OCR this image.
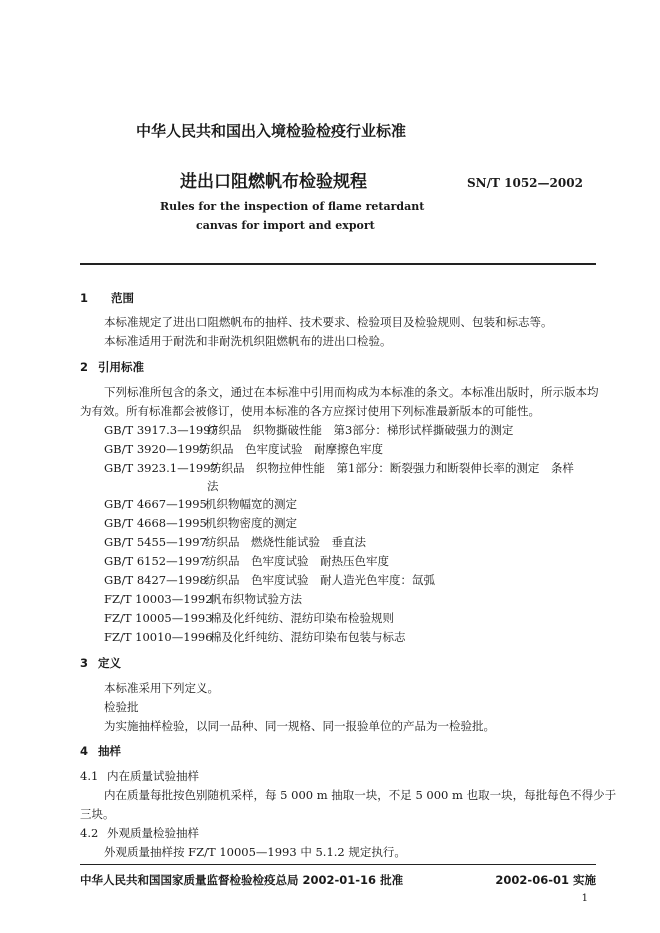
中华人民共和国出入境检验检疫行业标准
进出口阻燃帆布检验规程	SN/T 1052—2002
Rules for the inspection of flame retardant
canvas for import and export
1 范围
本标准规定了进出口阻燃帆布的抽样、技术要求、检验项目及检验规则、包装和标志等。
本标准适用于耐洗和非耐洗机织阻燃帆布的进出口检验。
2 引用标准
下列标准所包含的条文，通过在本标准中引用而构成为本标准的条文。本标准出版时，所示版本均
为有效。所有标准都会被修订，使用本标准的各方应探讨使用下列标准最新版本的可能性。
GB/T 3917.3—1997
纺织品　织物撕破性能　第3部分：梯形试样撕破强力的测定
GB/T 3920—1997
纺织品　色牢度试验　耐摩擦色牢度
GB/T 3923.1—1997
纺织品　织物拉伸性能　第1部分：断裂强力和断裂伸长率的测定　条样
法
GB/T 4667—1995
机织物幅宽的测定
GB/T 4668—1995
机织物密度的测定
GB/T 5455—1997
纺织品　燃烧性能试验　垂直法
GB/T 6152—1997
纺织品　色牢度试验　耐热压色牢度
GB/T 8427—1998
纺织品　色牢度试验　耐人造光色牢度：氙弧
FZ/T 10003—1992
帆布织物试验方法
FZ/T 10005—1993
棉及化纤纯纺、混纺印染布检验规则
FZ/T 10010—1996
棉及化纤纯纺、混纺印染布包装与标志
3 定义
本标准采用下列定义。
检验批
为实施抽样检验，以同一品种、同一规格、同一报验单位的产品为一检验批。
4 抽样
4.1 内在质量试验抽样
内在质量每批按色别随机采样，每 5 000 m 抽取一块，不足 5 000 m 也取一块，每批每色不得少于
三块。
4.2 外观质量检验抽样
外观质量抽样按 FZ/T 10005—1993 中 5.1.2 规定执行。
中华人民共和国国家质量监督检验检疫总局 2002-01-16 批准	2002-06-01 实施
1
